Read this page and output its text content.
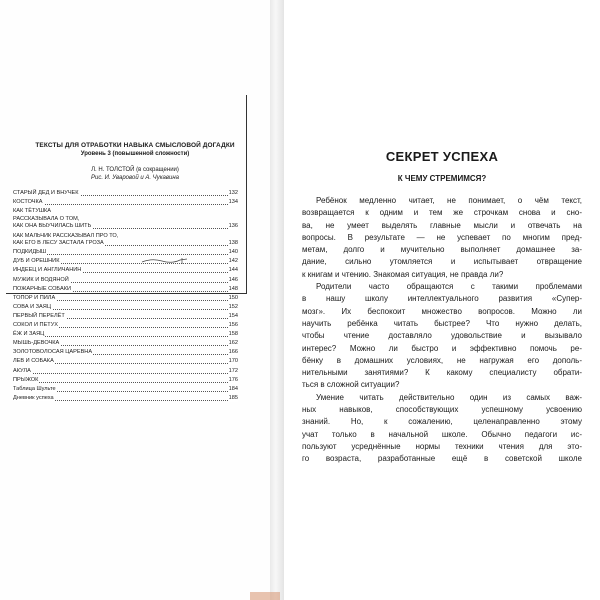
ТЕКСТЫ ДЛЯ ОТРАБОТКИ НАВЫКА СМЫСЛОВОЙ ДОГАДКИ
Уровень 3 (повышенной сложности)
Л. Н. ТОЛСТОЙ (в сокращении)
Рис. И. Уваровой и А. Чукавина
СТАРЫЙ ДЕД И ВНУЧЕК	132
КОСТОЧКА	134
КАК ТЁТУШКА
РАССКАЗЫВАЛА О ТОМ,
КАК ОНА ВЫУЧИЛАСЬ ШИТЬ	136
КАК МАЛЬЧИК РАССКАЗЫВАЛ ПРО ТО,
КАК ЕГО В ЛЕСУ ЗАСТАЛА ГРОЗА	138
ПОДКИДЫШ	140
ДУБ И ОРЕШНИК	142
ИНДЕЕЦ И АНГЛИЧАНИН	144
МУЖИК И ВОДЯНОЙ	146
ПОЖАРНЫЕ СОБАКИ	148
ТОПОР И ПИЛА	150
СОВА И ЗАЯЦ	152
ПЕРВЫЙ ПЕРЕЛЁТ	154
СОКОЛ И ПЕТУХ	156
ЁЖ И ЗАЯЦ	158
МЫШЬ-ДЕВОЧКА	162
ЗОЛОТОВОЛОСАЯ ЦАРЕВНА	166
ЛЕВ И СОБАКА	170
АКУЛА	172
ПРЫЖОК	176
Таблица Шульте	184
Дневник успеха	185
СЕКРЕТ УСПЕХА
К ЧЕМУ СТРЕМИМСЯ?
Ребёнок медленно читает, не понимает, о чём текст,
возвращается к одним и тем же строчкам снова и сно-
ва, не умеет выделять главные мысли и отвечать на
вопросы. В результате — не успевает по многим пред-
метам, долго и мучительно выполняет домашнее за-
дание, сильно утомляется и испытывает отвращение
к книгам и чтению. Знакомая ситуация, не правда ли?
Родители часто обращаются с такими проблемами
в нашу школу интеллектуального развития «Супер-
мозг». Их беспокоит множество вопросов. Можно ли
научить ребёнка читать быстрее? Что нужно делать,
чтобы чтение доставляло удовольствие и вызывало
интерес? Можно ли быстро и эффективно помочь ре-
бёнку в домашних условиях, не нагружая его дополь-
нительными занятиями? К какому специалисту обрати-
ться в сложной ситуации?
Умение читать действительно один из самых важ-
ных навыков, способствующих успешному усвоению
знаний. Но, к сожалению, целенаправленно этому
учат только в начальной школе. Обычно педагоги ис-
пользуют усреднённые нормы техники чтения для это-
го возраста, разработанные ещё в советской школе
